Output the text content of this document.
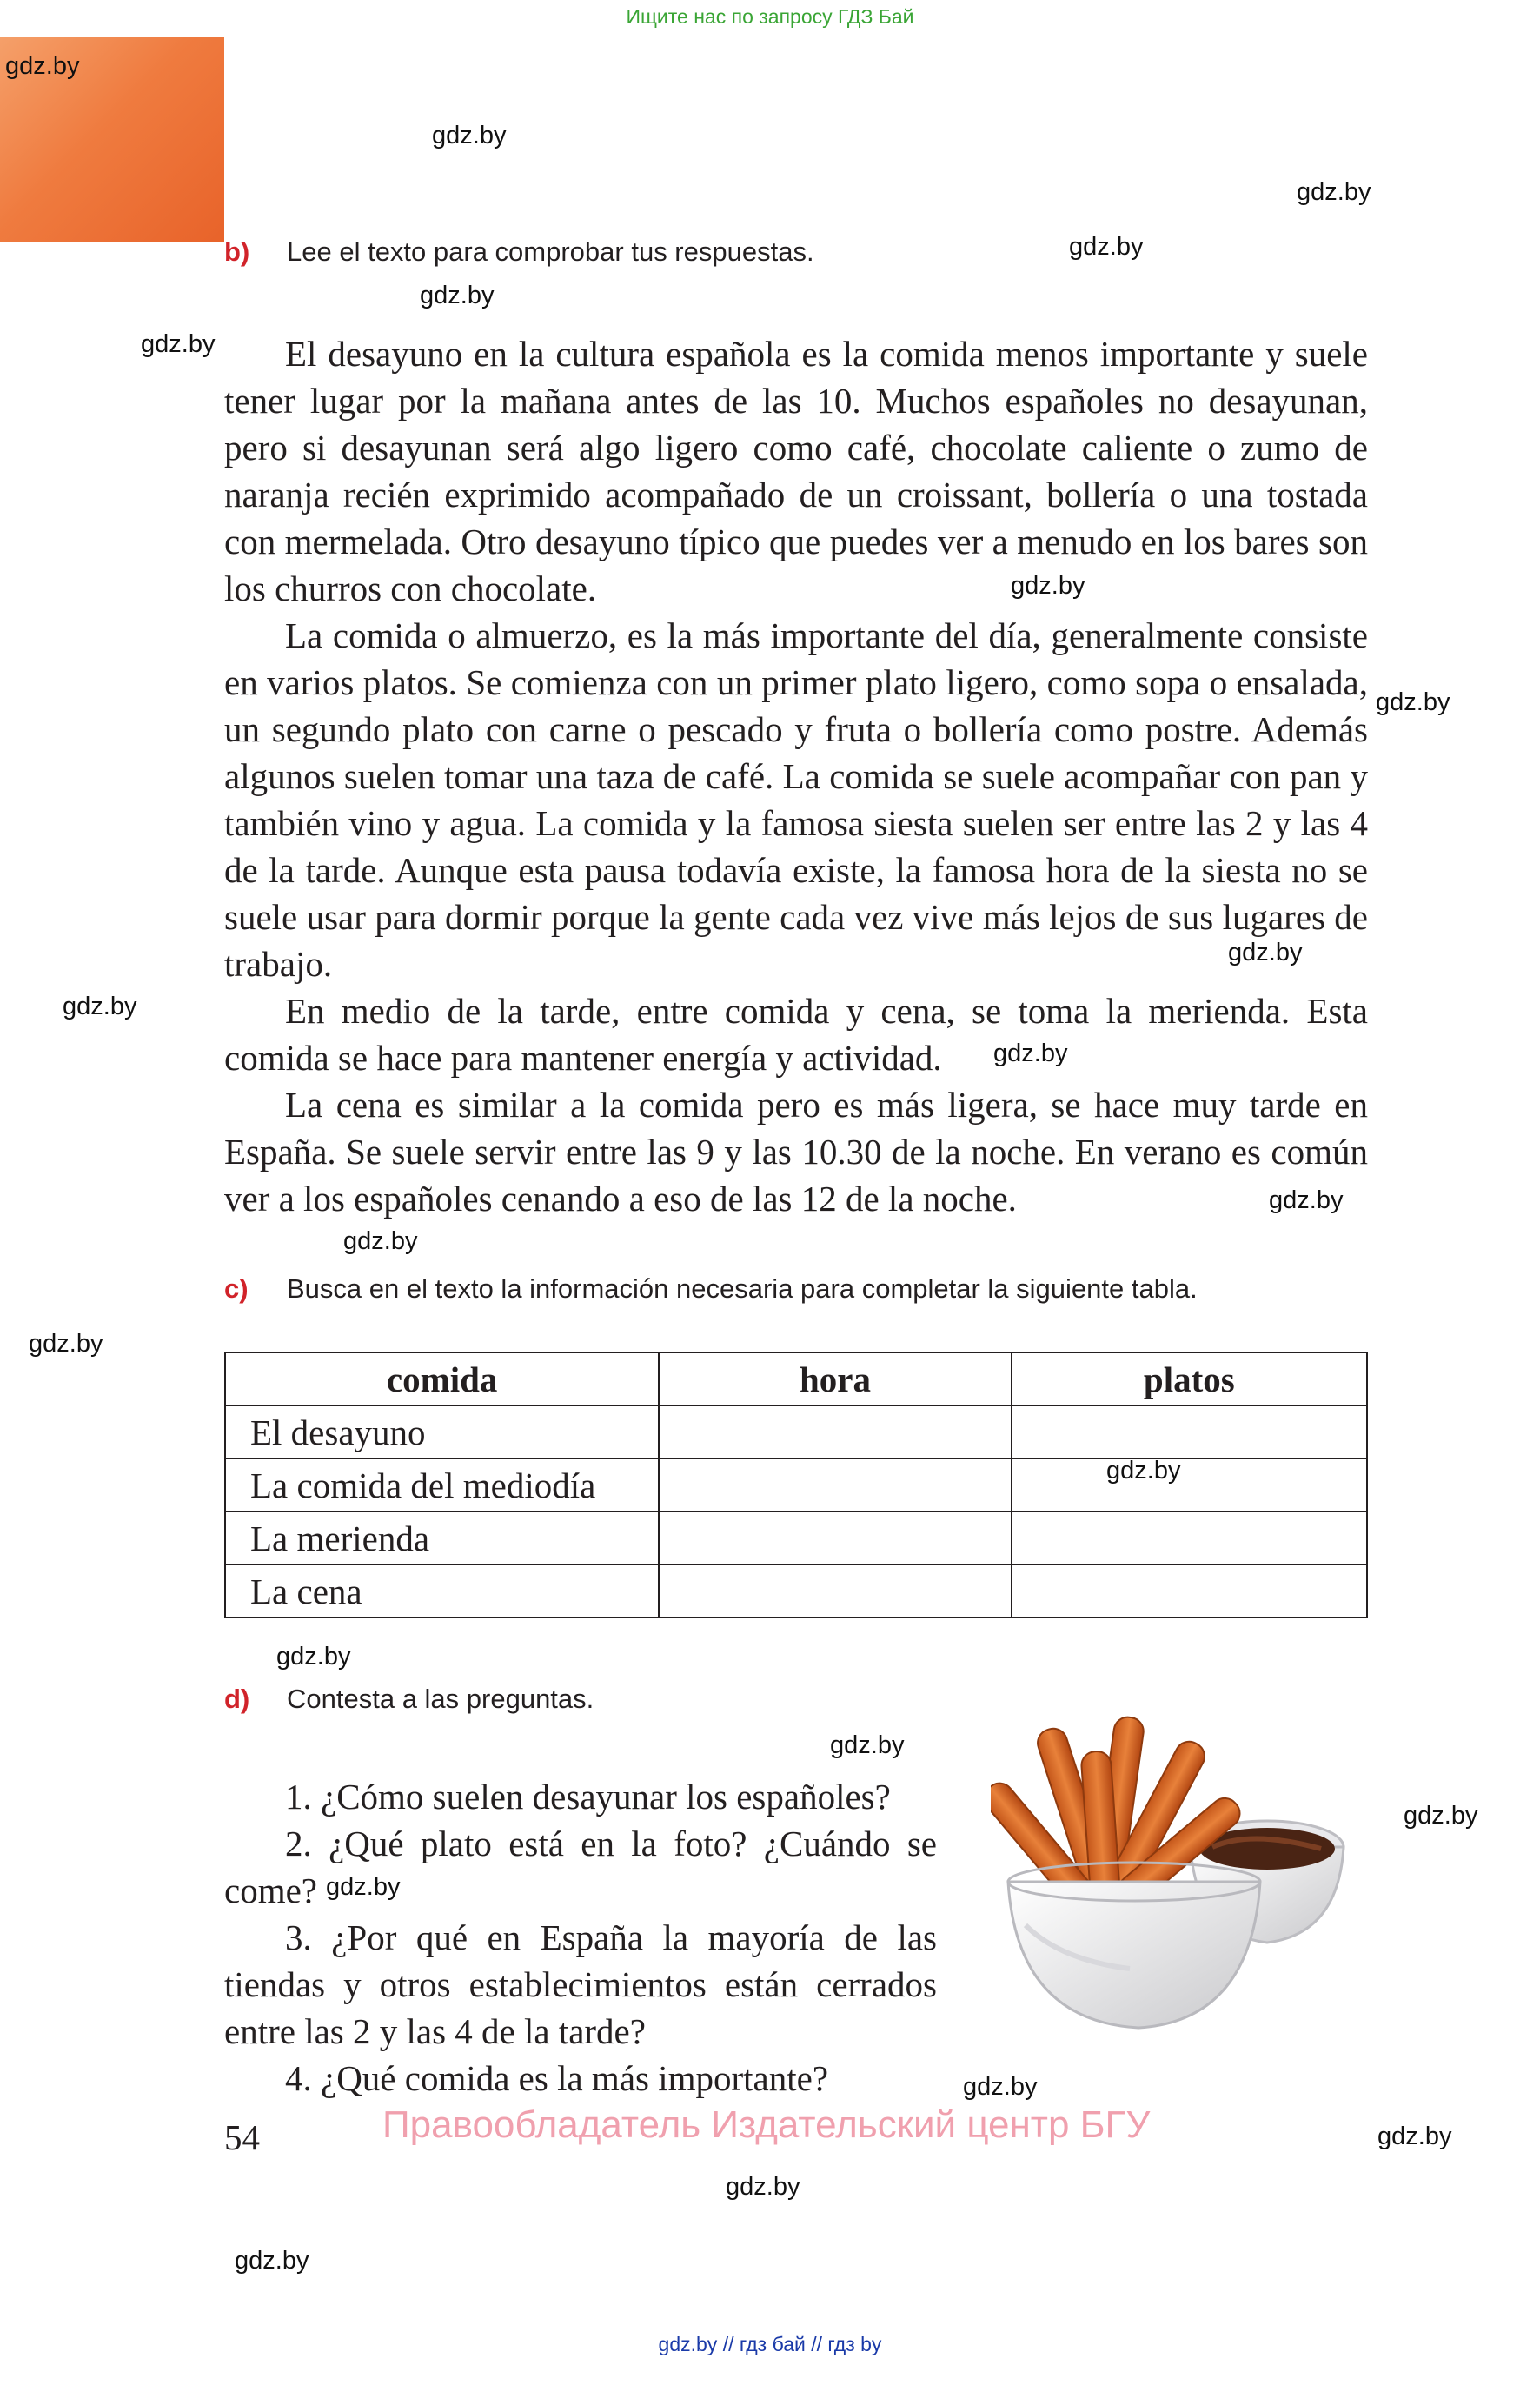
Ищите нас по запросу ГДЗ Бай
gdz.by
gdz.by
gdz.by
gdz.by
gdz.by
gdz.by
gdz.by
gdz.by
gdz.by
gdz.by
gdz.by
gdz.by
gdz.by
gdz.by
gdz.by
gdz.by
gdz.by
gdz.by
gdz.by
gdz.by
gdz.by
gdz.by
gdz.by
b) Lee el texto para comprobar tus respuestas.

El desayuno en la cultura española es la comida menos importante y suele tener lugar por la mañana antes de las 10. Muchos españoles no desayunan, pero si desayunan será algo ligero como café, chocolate caliente o zumo de naranja recién exprimido acompañado de un croissant, bollería o una tostada con mermelada. Otro desayuno típico que puedes ver a menudo en los bares son los churros con chocolate.

La comida o almuerzo, es la más importante del día, generalmente consiste en varios platos. Se comienza con un primer plato ligero, como sopa o ensalada, un segundo plato con carne o pescado y fruta o bollería como postre. Además algunos suelen tomar una taza de café. La comida se suele acompañar con pan y también vino y agua. La comida y la famosa siesta suelen ser entre las 2 y las 4 de la tarde. Aunque esta pausa todavía existe, la famosa hora de la siesta no se suele usar para dormir porque la gente cada vez vive más lejos de sus lugares de trabajo.

En medio de la tarde, entre comida y cena, se toma la merienda. Esta comida se hace para mantener energía y actividad.

La cena es similar a la comida pero es más ligera, se hace muy tarde en España. Se suele servir entre las 9 y las 10.30 de la noche. En verano es común ver a los españoles cenando a eso de las 12 de la noche.

c) Busca en el texto la información necesaria para completar la siguiente tabla.
comida	hora	platos
El desayuno		
La comida del mediodía		
La merienda		
La cena		
d) Contesta a las preguntas.

1. ¿Cómo suelen desayunar los españoles?

2. ¿Qué plato está en la foto? ¿Cuándo se come?

3. ¿Por qué en España la mayoría de las tiendas y otros establecimientos están cerrados entre las 2 y las 4 de la tarde?

4. ¿Qué comida es la más importante?

54	Правообладатель Издательский центр БГУ
gdz.by // гдз бай // гдз by
